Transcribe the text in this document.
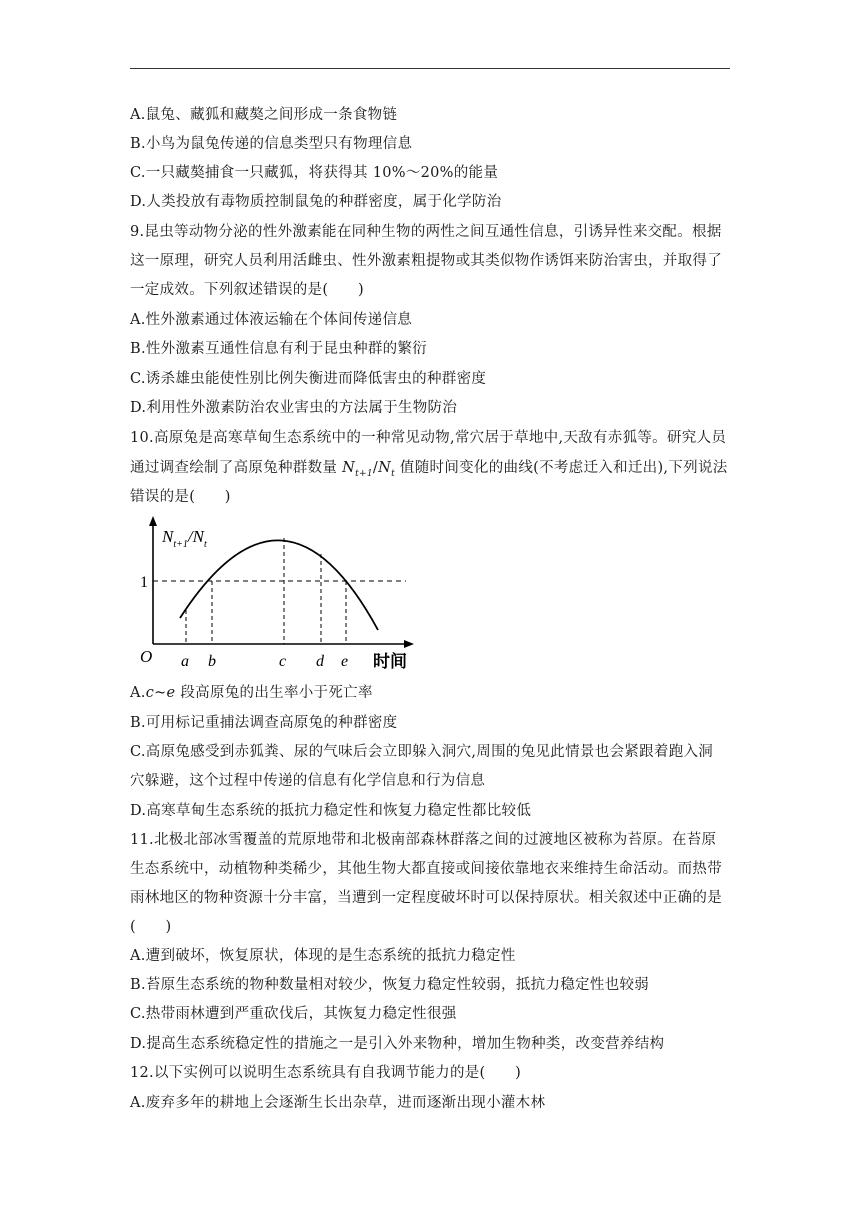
A.鼠兔、藏狐和藏獒之间形成一条食物链
B.小鸟为鼠兔传递的信息类型只有物理信息
C.一只藏獒捕食一只藏狐，将获得其 10%～20%的能量
D.人类投放有毒物质控制鼠兔的种群密度，属于化学防治
9.昆虫等动物分泌的性外激素能在同种生物的两性之间互通性信息，引诱异性来交配。根据
这一原理，研究人员利用活雌虫、性外激素粗提物或其类似物作诱饵来防治害虫，并取得了
一定成效。下列叙述错误的是(　　)
A.性外激素通过体液运输在个体间传递信息
B.性外激素互通性信息有利于昆虫种群的繁衍
C.诱杀雄虫能使性别比例失衡进而降低害虫的种群密度
D.利用性外激素防治农业害虫的方法属于生物防治
10.高原兔是高寒草甸生态系统中的一种常见动物,常穴居于草地中,天敌有赤狐等。研究人员
通过调查绘制了高原兔种群数量 $N_{t+1}/N_t$ 值随时间变化的曲线(不考虑迁入和迁出),下列说法
错误的是(　　)
$N_{t+1}/N_t$
1
O a b	c d e 时间
A.c~e 段高原兔的出生率小于死亡率
B.可用标记重捕法调查高原兔的种群密度
C.高原兔感受到赤狐粪、尿的气味后会立即躲入洞穴,周围的兔见此情景也会紧跟着跑入洞
穴躲避，这个过程中传递的信息有化学信息和行为信息
D.高寒草甸生态系统的抵抗力稳定性和恢复力稳定性都比较低
11.北极北部冰雪覆盖的荒原地带和北极南部森林群落之间的过渡地区被称为苔原。在苔原
生态系统中，动植物种类稀少，其他生物大都直接或间接依靠地衣来维持生命活动。而热带
雨林地区的物种资源十分丰富，当遭到一定程度破坏时可以保持原状。相关叙述中正确的是
(　　)
A.遭到破坏，恢复原状，体现的是生态系统的抵抗力稳定性
B.苔原生态系统的物种数量相对较少，恢复力稳定性较弱，抵抗力稳定性也较弱
C.热带雨林遭到严重砍伐后，其恢复力稳定性很强
D.提高生态系统稳定性的措施之一是引入外来物种，增加生物种类，改变营养结构
12.以下实例可以说明生态系统具有自我调节能力的是(　　)
A.废弃多年的耕地上会逐渐生长出杂草，进而逐渐出现小灌木林
